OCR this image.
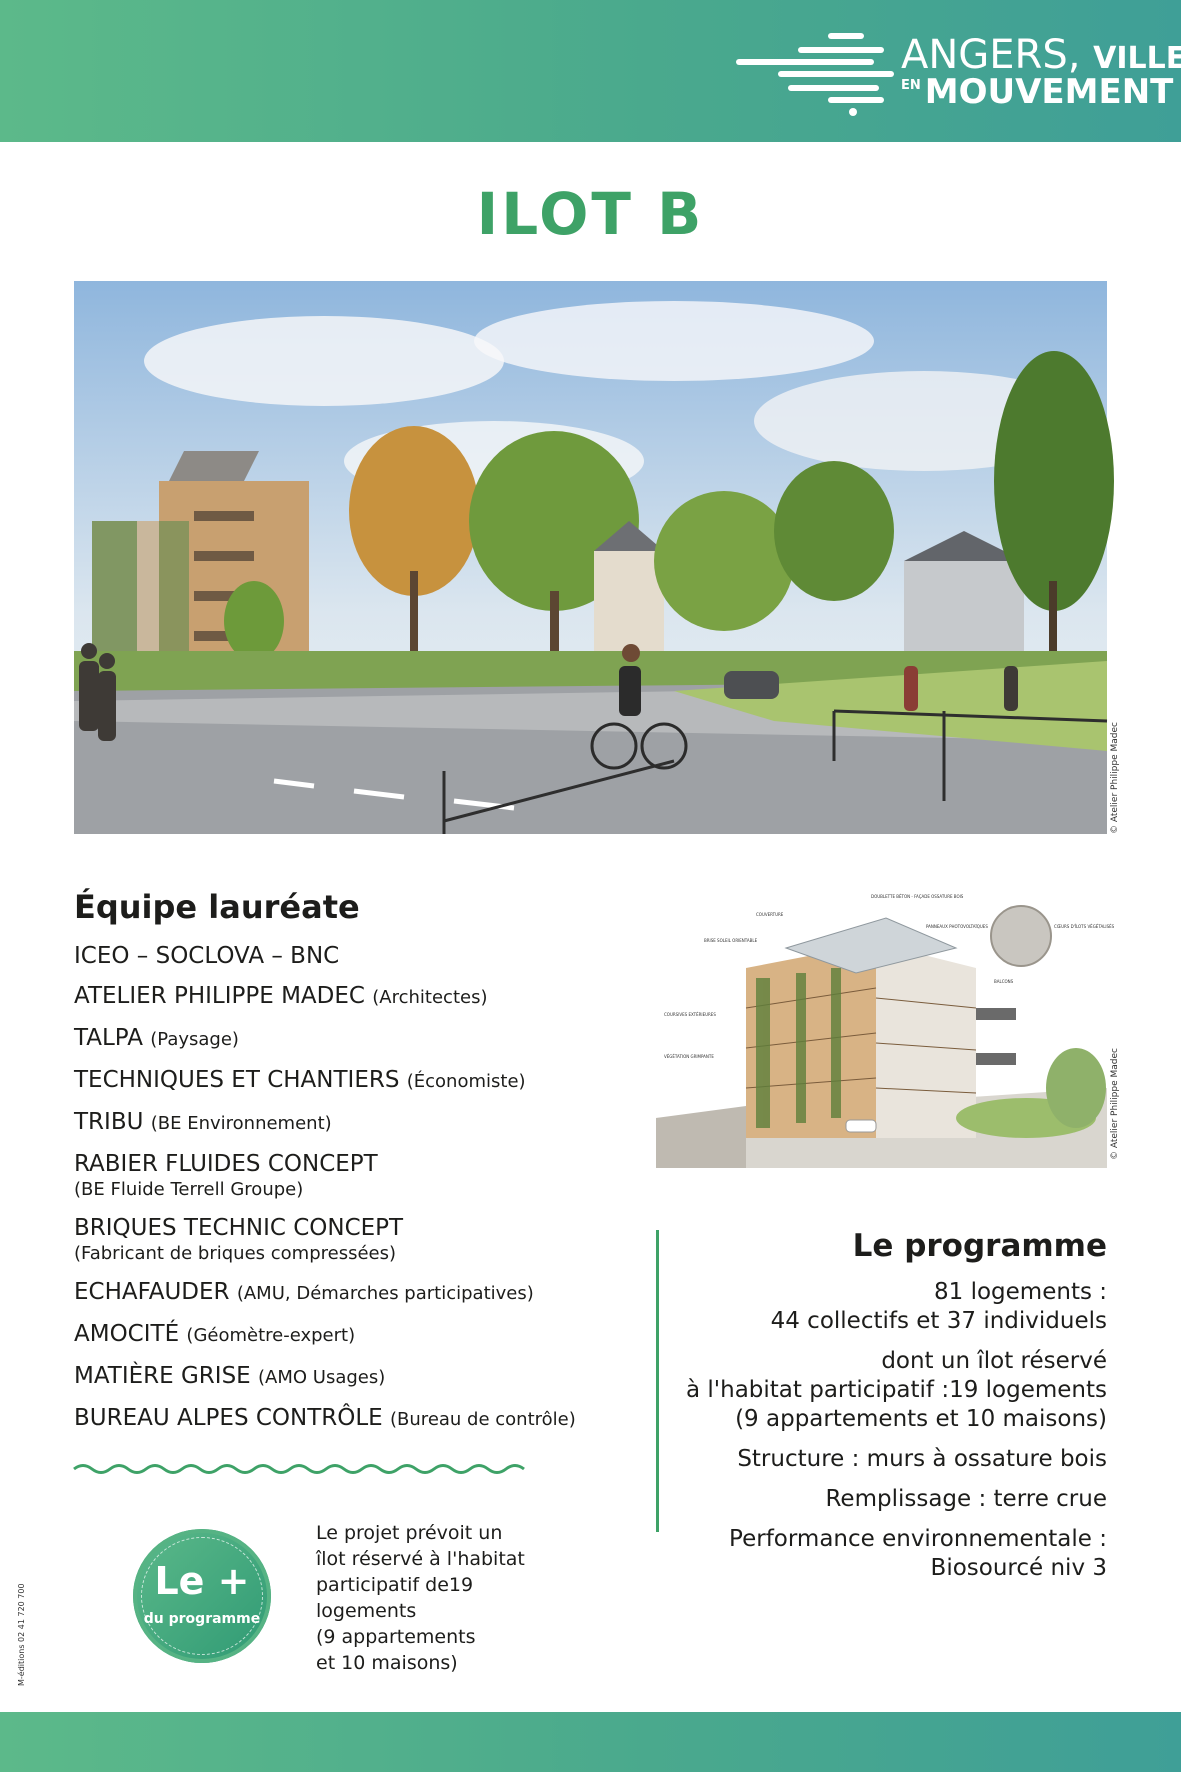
ANGERS, VILLE
EN MOUVEMENT
ILOT B
© Atelier Philippe Madec
Équipe lauréate
ICEO – SOCLOVA – BNC
ATELIER PHILIPPE MADEC (Architectes)
TALPA (Paysage)
TECHNIQUES ET CHANTIERS (Économiste)
TRIBU (BE Environnement)
RABIER FLUIDES CONCEPT
(BE Fluide Terrell Groupe)
BRIQUES TECHNIC CONCEPT
(Fabricant de briques compressées)
ECHAFAUDER (AMU, Démarches participatives)
AMOCITÉ (Géomètre-expert)
MATIÈRE GRISE (AMO Usages)
BUREAU ALPES CONTRÔLE (Bureau de contrôle)
Le +
du programme
Le projet prévoit un
îlot réservé à l'habitat
participatif de19
logements
(9 appartements
et 10 maisons)
COUVERTURE
DOUBLETTE BÉTON - FAÇADE OSSATURE BOIS
PANNEAUX PHOTOVOLTAÏQUES	CŒURS D'ÎLOTS VÉGÉTALISÉS
BRISE SOLEIL ORIENTABLE
BALCONS
COURSIVES EXTÉRIEURES
VÉGÉTATION GRIMPANTE	© Atelier Philippe Madec
Le programme
81 logements :
44 collectifs et 37 individuels
dont un îlot réservé
à l'habitat participatif :19 logements
(9 appartements et 10 maisons)
Structure : murs à ossature bois
Remplissage : terre crue
Performance environnementale :
Biosourcé niv 3
M-éditions 02 41 720 700
